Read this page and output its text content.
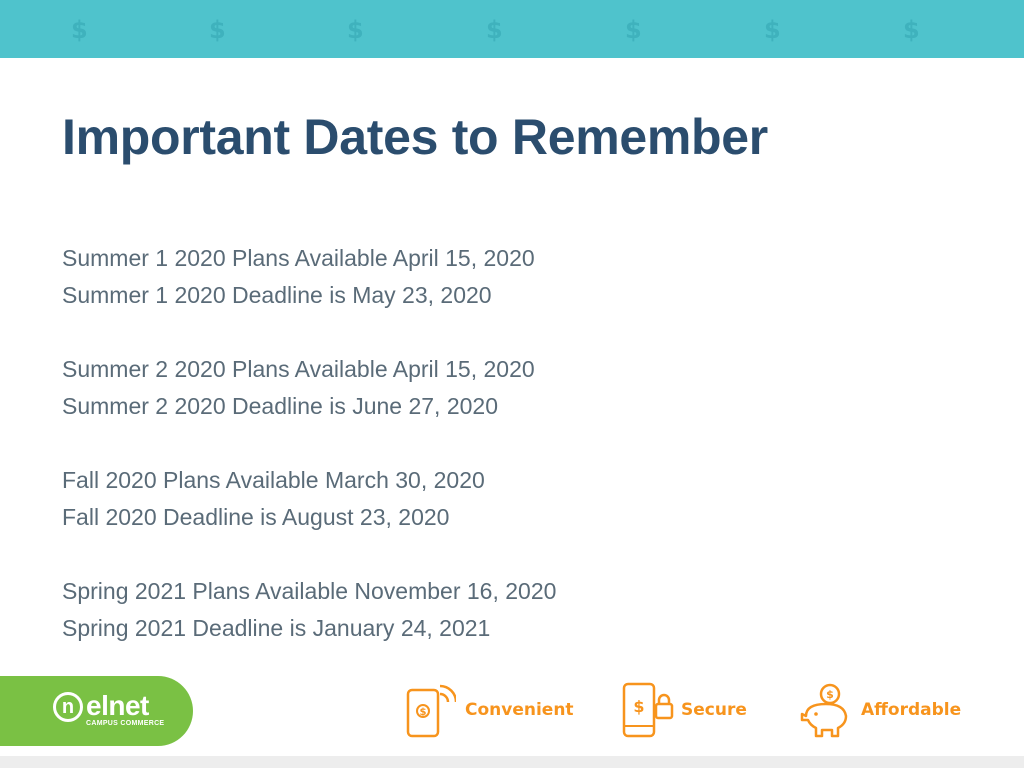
$	$	$	$	$	$	$
Important Dates to Remember
Summer 1 2020 Plans Available April 15, 2020
Summer 1 2020 Deadline is May 23, 2020
Summer 2 2020 Plans Available April 15, 2020
Summer 2 2020 Deadline is June 27, 2020
Fall 2020 Plans Available March 30, 2020
Fall 2020 Deadline is August 23, 2020
Spring 2021 Plans Available November 16, 2020
Spring 2021 Deadline is January 24, 2021
n elnet
CAMPUS COMMERCE
$ Convenient	$ Secure
$
Affordable
